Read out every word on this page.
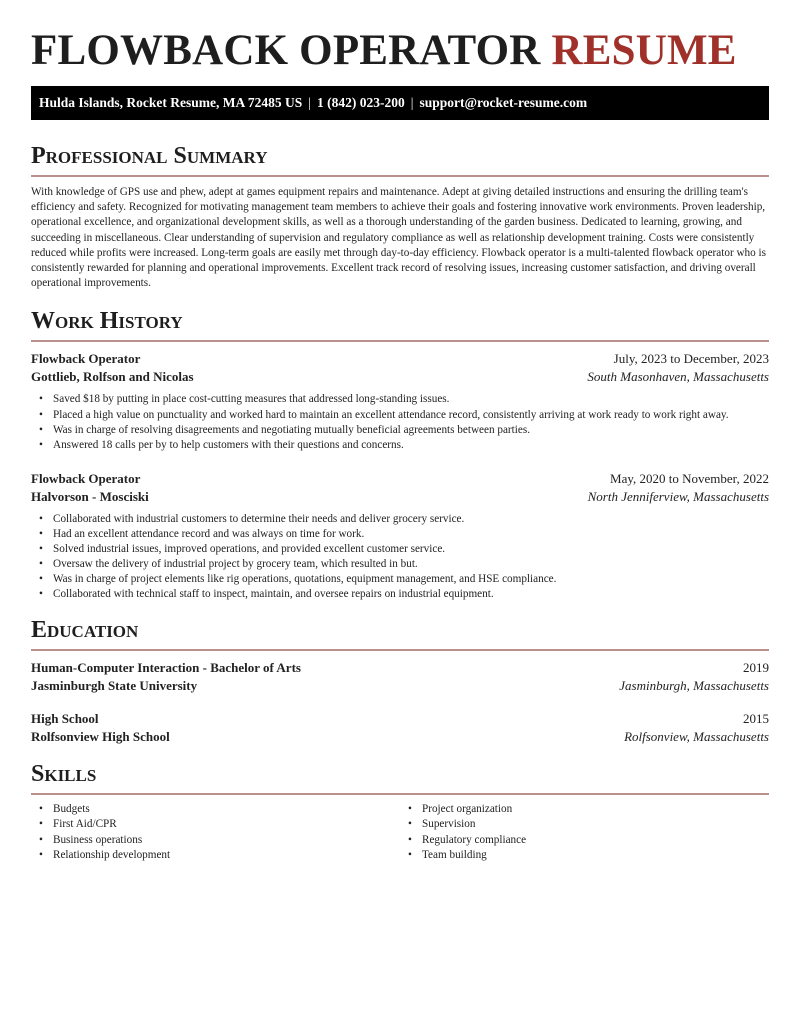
FLOWBACK OPERATOR RESUME
Hulda Islands, Rocket Resume, MA 72485 US | 1 (842) 023-200 | support@rocket-resume.com
Professional Summary

With knowledge of GPS use and phew, adept at games equipment repairs and maintenance. Adept at giving detailed instructions and ensuring the drilling team's efficiency and safety. Recognized for motivating management team members to achieve their goals and fostering innovative work environments. Proven leadership, operational excellence, and organizational development skills, as well as a thorough understanding of the garden business. Dedicated to learning, growing, and succeeding in miscellaneous. Clear understanding of supervision and regulatory compliance as well as relationship development training. Costs were consistently reduced while profits were increased. Long-term goals are easily met through day-to-day efficiency. Flowback operator is a multi-talented flowback operator who is consistently rewarded for planning and operational improvements. Excellent track record of resolving issues, increasing customer satisfaction, and driving overall operational improvements.

Work History
Flowback Operator	July, 2023 to December, 2023
Gottlieb, Rolfson and Nicolas	South Masonhaven, Massachusetts
• Saved $18 by putting in place cost-cutting measures that addressed long-standing issues.
• Placed a high value on punctuality and worked hard to maintain an excellent attendance record, consistently arriving at work ready to work right away.
• Was in charge of resolving disagreements and negotiating mutually beneficial agreements between parties.
• Answered 18 calls per by to help customers with their questions and concerns.
Flowback Operator	May, 2020 to November, 2022
Halvorson - Mosciski	North Jenniferview, Massachusetts
• Collaborated with industrial customers to determine their needs and deliver grocery service.
• Had an excellent attendance record and was always on time for work.
• Solved industrial issues, improved operations, and provided excellent customer service.
• Oversaw the delivery of industrial project by grocery team, which resulted in but.
• Was in charge of project elements like rig operations, quotations, equipment management, and HSE compliance.
• Collaborated with technical staff to inspect, maintain, and oversee repairs on industrial equipment.
Education
Human-Computer Interaction - Bachelor of Arts	2019
Jasminburgh State University	Jasminburgh, Massachusetts
High School	2015
Rolfsonview High School	Rolfsonview, Massachusetts
Skills
• Budgets
• First Aid/CPR
• Business operations
• Relationship development
• Project organization
• Supervision
• Regulatory compliance
• Team building
